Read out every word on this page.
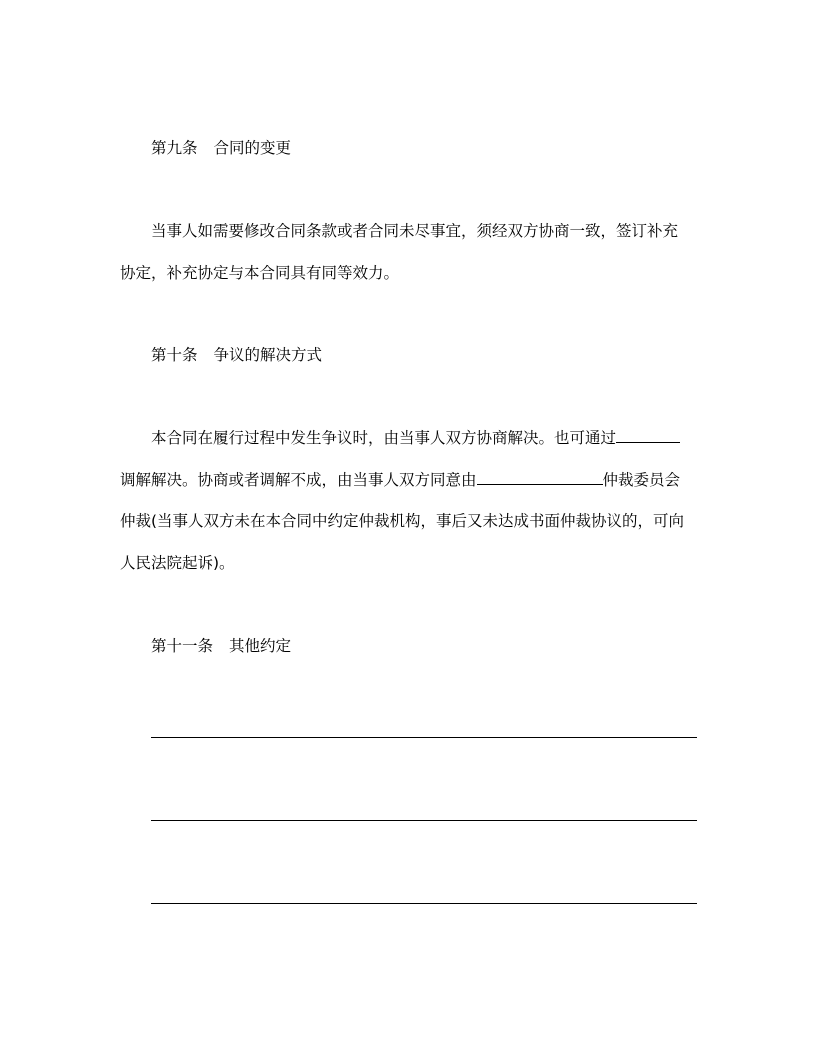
第九条 合同的变更
当事人如需要修改合同条款或者合同未尽事宜，须经双方协商一致，签订补充
协定，补充协定与本合同具有同等效力。
第十条 争议的解决方式
本合同在履行过程中发生争议时，由当事人双方协商解决。也可通过
调解解决。协商或者调解不成，由当事人双方同意由	仲裁委员会
仲裁(当事人双方未在本合同中约定仲裁机构，事后又未达成书面仲裁协议的，可向
人民法院起诉)。
第十一条 其他约定
